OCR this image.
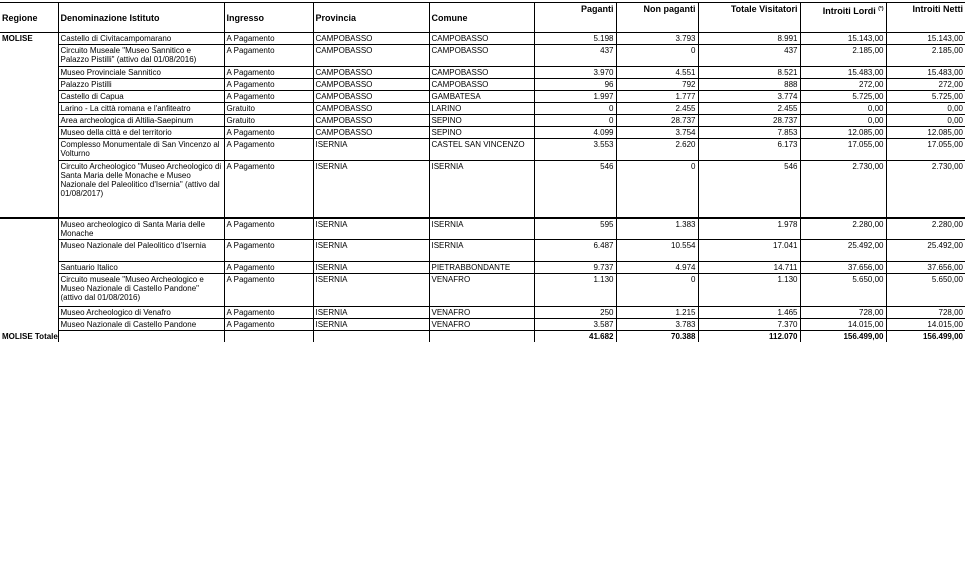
Regione	Denominazione Istituto	Ingresso	Provincia	Comune	Paganti	Non paganti	Totale Visitatori	Introiti Lordi (*)	Introiti Netti
MOLISE	Castello di Civitacampomarano	A Pagamento	CAMPOBASSO	CAMPOBASSO	5.198	3.793	8.991	15.143,00	15.143,00
	Circuito Museale "Museo Sannitico e Palazzo Pistilli" (attivo dal 01/08/2016)	A Pagamento	CAMPOBASSO	CAMPOBASSO	437	0	437	2.185,00	2.185,00
	Museo Provinciale Sannitico	A Pagamento	CAMPOBASSO	CAMPOBASSO	3.970	4.551	8.521	15.483,00	15.483,00
	Palazzo Pistilli	A Pagamento	CAMPOBASSO	CAMPOBASSO	96	792	888	272,00	272,00
	Castello di Capua	A Pagamento	CAMPOBASSO	GAMBATESA	1.997	1.777	3.774	5.725,00	5.725,00
	Larino - La città romana e l'anfiteatro	Gratuito	CAMPOBASSO	LARINO	0	2.455	2.455	0,00	0,00
	Area archeologica di Altilia-Saepinum	Gratuito	CAMPOBASSO	SEPINO	0	28.737	28.737	0,00	0,00
	Museo della città e del territorio	A Pagamento	CAMPOBASSO	SEPINO	4.099	3.754	7.853	12.085,00	12.085,00
	Complesso Monumentale di San Vincenzo al Volturno	A Pagamento	ISERNIA	CASTEL SAN VINCENZO	3.553	2.620	6.173	17.055,00	17.055,00
	Circuito Archeologico "Museo Archeologico di Santa Maria delle Monache e Museo Nazionale del Paleolitico d'Isernia" (attivo dal 01/08/2017)	A Pagamento	ISERNIA	ISERNIA	546	0	546	2.730,00	2.730,00
	Museo archeologico di Santa Maria delle Monache	A Pagamento	ISERNIA	ISERNIA	595	1.383	1.978	2.280,00	2.280,00
	Museo Nazionale del Paleolitico d'Isernia	A Pagamento	ISERNIA	ISERNIA	6.487	10.554	17.041	25.492,00	25.492,00
	Santuario Italico	A Pagamento	ISERNIA	PIETRABBONDANTE	9.737	4.974	14.711	37.656,00	37.656,00
	Circuito museale "Museo Archeologico e Museo Nazionale di Castello Pandone" (attivo dal 01/08/2016)	A Pagamento	ISERNIA	VENAFRO	1.130	0	1.130	5.650,00	5.650,00
	Museo Archeologico di Venafro	A Pagamento	ISERNIA	VENAFRO	250	1.215	1.465	728,00	728,00
	Museo Nazionale di Castello Pandone	A Pagamento	ISERNIA	VENAFRO	3.587	3.783	7.370	14.015,00	14.015,00
MOLISE Totale					41.682	70.388	112.070	156.499,00	156.499,00
